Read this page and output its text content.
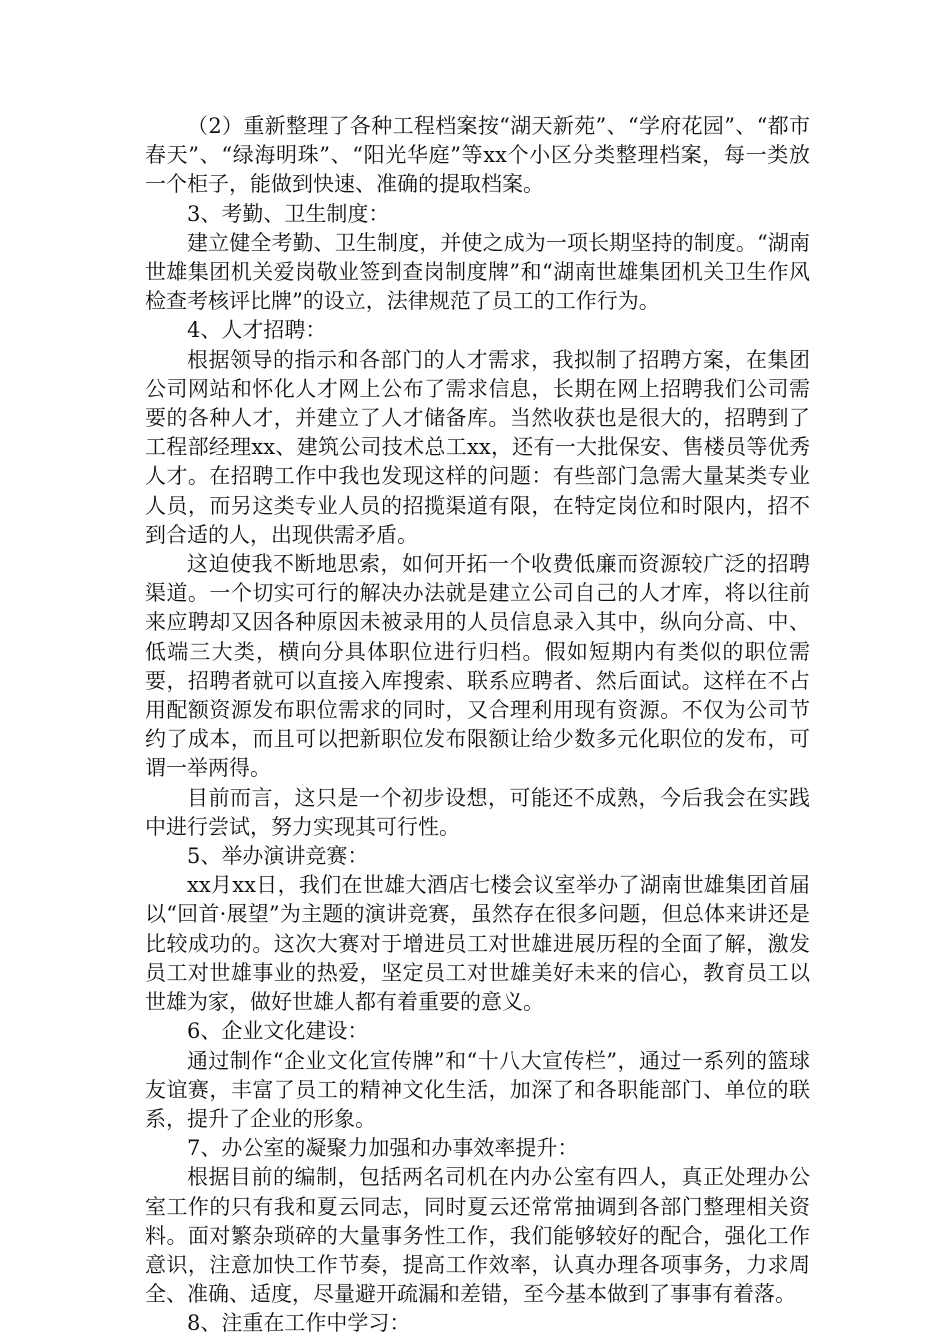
（2）重新整理了各种工程档案按“湖天新苑”、“学府花园”、“都市春天”、“绿海明珠”、“阳光华庭”等xx个小区分类整理档案，每一类放一个柜子，能做到快速、准确的提取档案。

3、考勤、卫生制度：

建立健全考勤、卫生制度，并使之成为一项长期坚持的制度。“湖南世雄集团机关爱岗敬业签到查岗制度牌”和“湖南世雄集团机关卫生作风检查考核评比牌”的设立，法律规范了员工的工作行为。

4、人才招聘：

根据领导的指示和各部门的人才需求，我拟制了招聘方案，在集团公司网站和怀化人才网上公布了需求信息，长期在网上招聘我们公司需要的各种人才，并建立了人才储备库。当然收获也是很大的，招聘到了工程部经理xx、建筑公司技术总工xx，还有一大批保安、售楼员等优秀人才。在招聘工作中我也发现这样的问题：有些部门急需大量某类专业人员，而另这类专业人员的招揽渠道有限，在特定岗位和时限内，招不到合适的人，出现供需矛盾。

这迫使我不断地思索，如何开拓一个收费低廉而资源较广泛的招聘渠道。一个切实可行的解决办法就是建立公司自己的人才库，将以往前来应聘却又因各种原因未被录用的人员信息录入其中，纵向分高、中、低端三大类，横向分具体职位进行归档。假如短期内有类似的职位需要，招聘者就可以直接入库搜索、联系应聘者、然后面试。这样在不占用配额资源发布职位需求的同时，又合理利用现有资源。不仅为公司节约了成本，而且可以把新职位发布限额让给少数多元化职位的发布，可谓一举两得。

目前而言，这只是一个初步设想，可能还不成熟，今后我会在实践中进行尝试，努力实现其可行性。

5、举办演讲竞赛：

xx月xx日，我们在世雄大酒店七楼会议室举办了湖南世雄集团首届以“回首·展望”为主题的演讲竞赛，虽然存在很多问题，但总体来讲还是比较成功的。这次大赛对于增进员工对世雄进展历程的全面了解，激发员工对世雄事业的热爱，坚定员工对世雄美好未来的信心，教育员工以世雄为家，做好世雄人都有着重要的意义。

6、企业文化建设：

通过制作“企业文化宣传牌”和“十八大宣传栏”，通过一系列的篮球友谊赛，丰富了员工的精神文化生活，加深了和各职能部门、单位的联系，提升了企业的形象。

7、办公室的凝聚力加强和办事效率提升：

根据目前的编制，包括两名司机在内办公室有四人，真正处理办公室工作的只有我和夏云同志，同时夏云还常常抽调到各部门整理相关资料。面对繁杂琐碎的大量事务性工作，我们能够较好的配合，强化工作意识，注意加快工作节奏，提高工作效率，认真办理各项事务，力求周全、准确、适度，尽量避开疏漏和差错，至今基本做到了事事有着落。

8、注重在工作中学习：
